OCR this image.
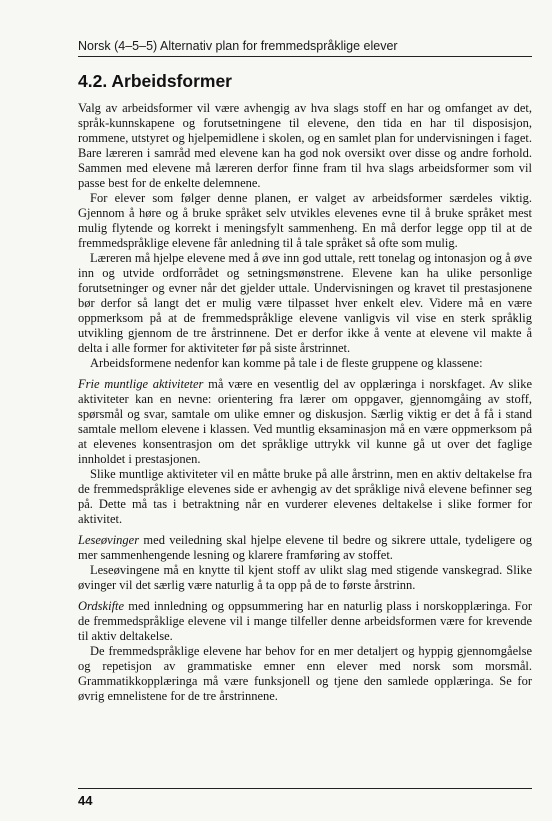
Norsk (4–5–5) Alternativ plan for fremmedspråklige elever
4.2. Arbeidsformer

Valg av arbeidsformer vil være avhengig av hva slags stoff en har og omfanget av det, språk-kunnskapene og forutsetningene til elevene, den tida en har til disposisjon, rommene, utstyret og hjelpemidlene i skolen, og en samlet plan for undervisningen i faget. Bare læreren i samråd med elevene kan ha god nok oversikt over disse og andre forhold. Sammen med elevene må læreren derfor finne fram til hva slags arbeidsformer som vil passe best for de enkelte delemnene.

For elever som følger denne planen, er valget av arbeidsformer særdeles viktig. Gjennom å høre og å bruke språket selv utvikles elevenes evne til å bruke språket mest mulig flytende og korrekt i meningsfylt sammenheng. En må derfor legge opp til at de fremmedspråklige elevene får anledning til å tale språket så ofte som mulig.

Læreren må hjelpe elevene med å øve inn god uttale, rett tonelag og intonasjon og å øve inn og utvide ordforrådet og setningsmønstrene. Elevene kan ha ulike personlige forutsetninger og evner når det gjelder uttale. Undervisningen og kravet til prestasjonene bør derfor så langt det er mulig være tilpasset hver enkelt elev. Videre må en være oppmerksom på at de fremmedspråklige elevene vanligvis vil vise en sterk språklig utvikling gjennom de tre årstrinnene. Det er derfor ikke å vente at elevene vil makte å delta i alle former for aktiviteter før på siste årstrinnet.

Arbeidsformene nedenfor kan komme på tale i de fleste gruppene og klassene:

Frie muntlige aktiviteter må være en vesentlig del av opplæringa i norskfaget. Av slike aktiviteter kan en nevne: orientering fra lærer om oppgaver, gjennomgåing av stoff, spørsmål og svar, samtale om ulike emner og diskusjon. Særlig viktig er det å få i stand samtale mellom elevene i klassen. Ved muntlig eksaminasjon må en være oppmerksom på at elevenes konsentrasjon om det språklige uttrykk vil kunne gå ut over det faglige innholdet i prestasjonen.

Slike muntlige aktiviteter vil en måtte bruke på alle årstrinn, men en aktiv deltakelse fra de fremmedspråklige elevenes side er avhengig av det språklige nivå elevene befinner seg på. Dette må tas i betraktning når en vurderer elevenes deltakelse i slike former for aktivitet.

Leseøvinger med veiledning skal hjelpe elevene til bedre og sikrere uttale, tydeligere og mer sammenhengende lesning og klarere framføring av stoffet.

Leseøvingene må en knytte til kjent stoff av ulikt slag med stigende vanskegrad. Slike øvinger vil det særlig være naturlig å ta opp på de to første årstrinn.

Ordskifte med innledning og oppsummering har en naturlig plass i norskopplæringa. For de fremmedspråklige elevene vil i mange tilfeller denne arbeidsformen være for krevende til aktiv deltakelse.

De fremmedspråklige elevene har behov for en mer detaljert og hyppig gjennomgåelse og repetisjon av grammatiske emner enn elever med norsk som morsmål. Grammatikkopplæringa må være funksjonell og tjene den samlede opplæringa. Se for øvrig emnelistene for de tre årstrinnene.

44
